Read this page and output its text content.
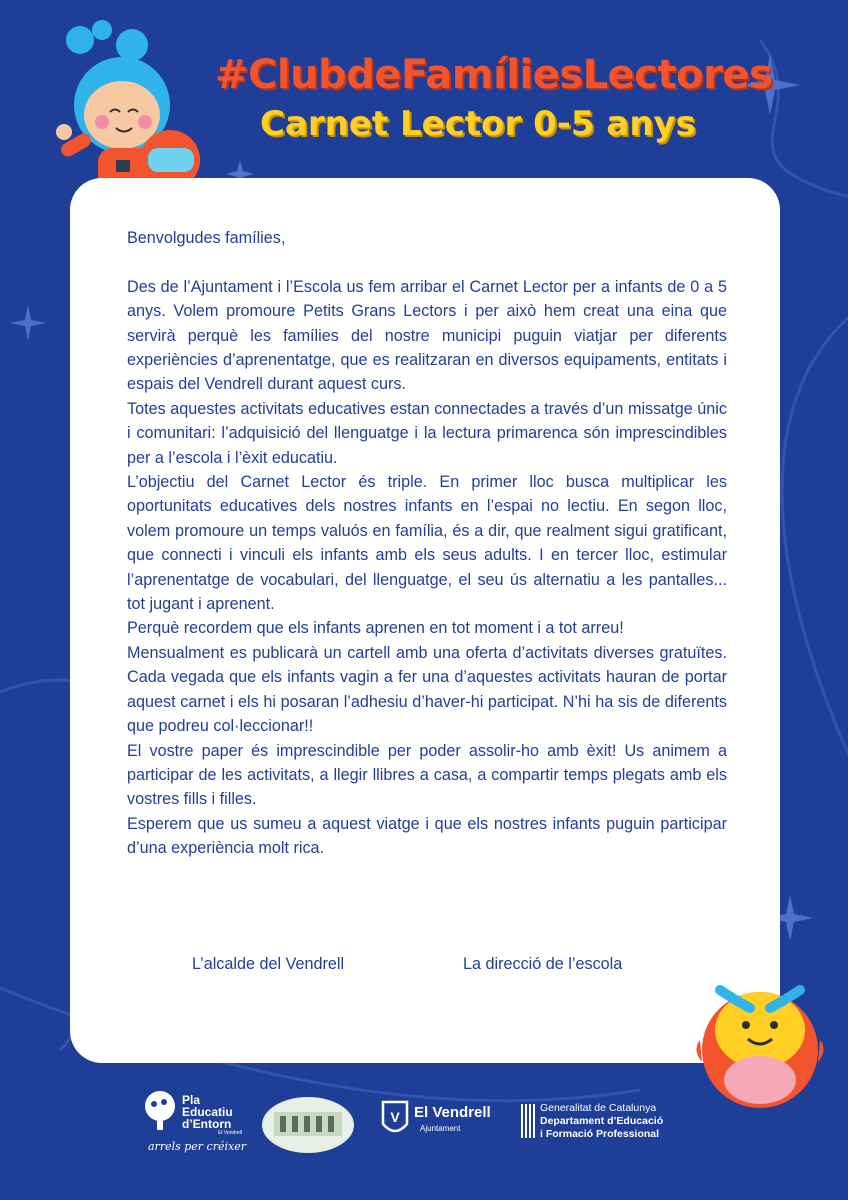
#ClubdeFamíliesLectores
Carnet Lector 0-5 anys

Benvolgudes famílies,

Des de l’Ajuntament i l’Escola us fem arribar el Carnet Lector per a infants de 0 a 5 anys. Volem promoure Petits Grans Lectors i per això hem creat una eina que servirà perquè les famílies del nostre municipi puguin viatjar per diferents experiències d’aprenentatge, que es realitzaran en diversos equipaments, entitats i espais del Vendrell durant aquest curs.

Totes aquestes activitats educatives estan connectades a través d’un missatge únic i comunitari: l’adquisició del llenguatge i la lectura primarenca són imprescindibles per a l’escola i l’èxit educatiu.

L’objectiu del Carnet Lector és triple. En primer lloc busca multiplicar les oportunitats educatives dels nostres infants en l’espai no lectiu. En segon lloc, volem promoure un temps valuós en família, és a dir, que realment sigui gratificant, que connecti i vinculi els infants amb els seus adults. I en tercer lloc, estimular l’aprenentatge de vocabulari, del llenguatge, el seu ús alternatiu a les pantalles... tot jugant i aprenent.

Perquè recordem que els infants aprenen en tot moment i a tot arreu!

Mensualment es publicarà un cartell amb una oferta d’activitats diverses gratuïtes. Cada vegada que els infants vagin a fer una d’aquestes activitats hauran de portar aquest carnet i els hi posaran l’adhesiu d’haver-hi participat. N’hi ha sis de diferents que podreu col·leccionar!!

El vostre paper és imprescindible per poder assolir-ho amb èxit! Us animem a participar de les activitats, a llegir llibres a casa, a compartir temps plegats amb els vostres fills i filles.

Esperem que us sumeu a aquest viatge i que els nostres infants puguin participar d’una experiència molt rica.

L’alcalde del Vendrell	La direcció de l’escola
Pla Educatiu d’Entorn
El Vendrell
arrels per créixer
V El Vendrell
Ajuntament
Generalitat de Catalunya
Departament d’Educació
i Formació Professional
